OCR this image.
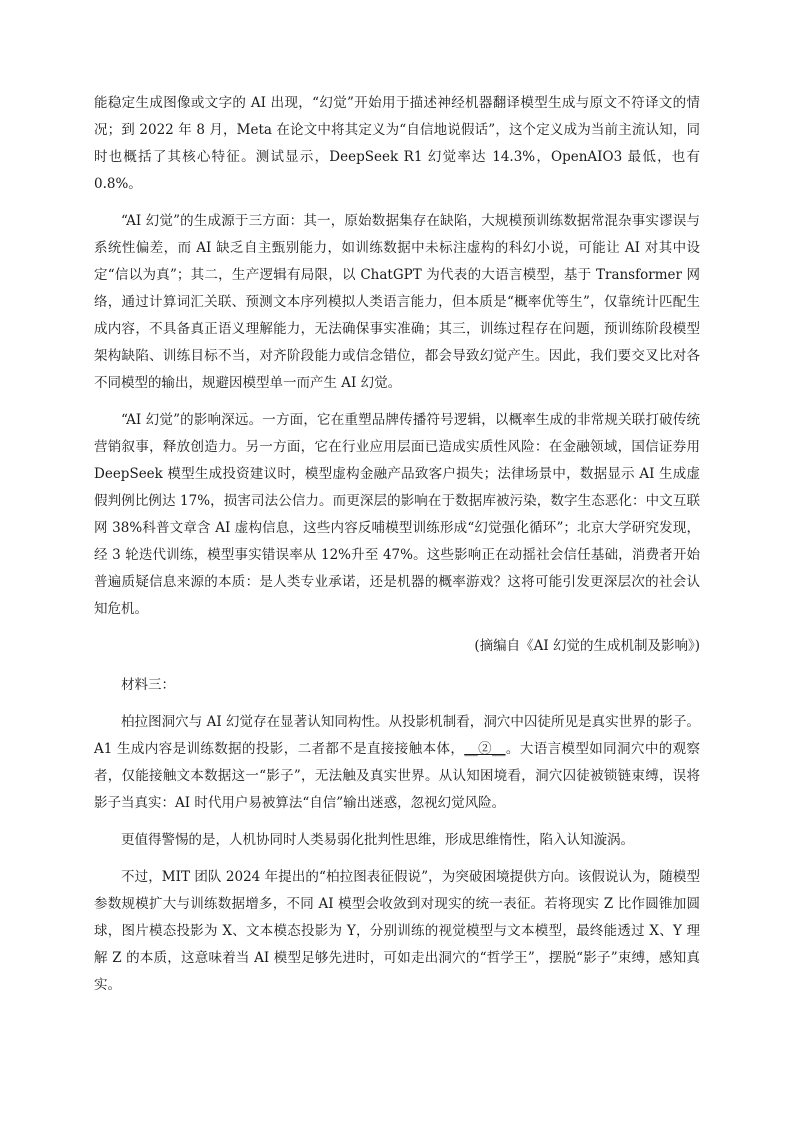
能稳定生成图像或文字的 AI 出现，“幻觉”开始用于描述神经机器翻译模型生成与原文不符译文的情况；到 2022 年 8 月，Meta 在论文中将其定义为“自信地说假话”，这个定义成为当前主流认知，同时也概括了其核心特征。测试显示，DeepSeek R1 幻觉率达 14.3%，OpenAIO3 最低，也有 0.8%。

“AI 幻觉”的生成源于三方面：其一，原始数据集存在缺陷，大规模预训练数据常混杂事实谬误与系统性偏差，而 AI 缺乏自主甄别能力，如训练数据中未标注虚构的科幻小说，可能让 AI 对其中设定“信以为真”；其二，生产逻辑有局限，以 ChatGPT 为代表的大语言模型，基于 Transformer 网络，通过计算词汇关联、预测文本序列模拟人类语言能力，但本质是“概率优等生”，仅靠统计匹配生成内容，不具备真正语义理解能力，无法确保事实准确；其三，训练过程存在问题，预训练阶段模型架构缺陷、训练目标不当，对齐阶段能力或信念错位，都会导致幻觉产生。因此，我们要交叉比对各不同模型的输出，规避因模型单一而产生 AI 幻觉。

“AI 幻觉”的影响深远。一方面，它在重塑品牌传播符号逻辑，以概率生成的非常规关联打破传统营销叙事，释放创造力。另一方面，它在行业应用层面已造成实质性风险：在金融领域，国信证券用 DeepSeek 模型生成投资建议时，模型虚构金融产品致客户损失；法律场景中，数据显示 AI 生成虚假判例比例达 17%，损害司法公信力。而更深层的影响在于数据库被污染，数字生态恶化：中文互联网 38%科普文章含 AI 虚构信息，这些内容反哺模型训练形成“幻觉强化循环”；北京大学研究发现，经 3 轮迭代训练，模型事实错误率从 12%升至 47%。这些影响正在动摇社会信任基础，消费者开始普遍质疑信息来源的本质：是人类专业承诺，还是机器的概率游戏？这将可能引发更深层次的社会认知危机。

(摘编自《AI 幻觉的生成机制及影响》)

材料三：

柏拉图洞穴与 AI 幻觉存在显著认知同构性。从投影机制看，洞穴中囚徒所见是真实世界的影子。A1 生成内容是训练数据的投影，二者都不是直接接触本体，__②__。大语言模型如同洞穴中的观察者，仅能接触文本数据这一“影子”，无法触及真实世界。从认知困境看，洞穴囚徒被锁链束缚，误将影子当真实：AI 时代用户易被算法“自信”输出迷惑，忽视幻觉风险。

更值得警惕的是，人机协同时人类易弱化批判性思维，形成思维惰性，陷入认知漩涡。

不过，MIT 团队 2024 年提出的“柏拉图表征假说”，为突破困境提供方向。该假说认为，随模型参数规模扩大与训练数据增多，不同 AI 模型会收敛到对现实的统一表征。若将现实 Z 比作圆锥加圆球，图片模态投影为 X、文本模态投影为 Y，分别训练的视觉模型与文本模型，最终能透过 X、Y 理解 Z 的本质，这意味着当 AI 模型足够先进时，可如走出洞穴的“哲学王”，摆脱“影子”束缚，感知真实。
